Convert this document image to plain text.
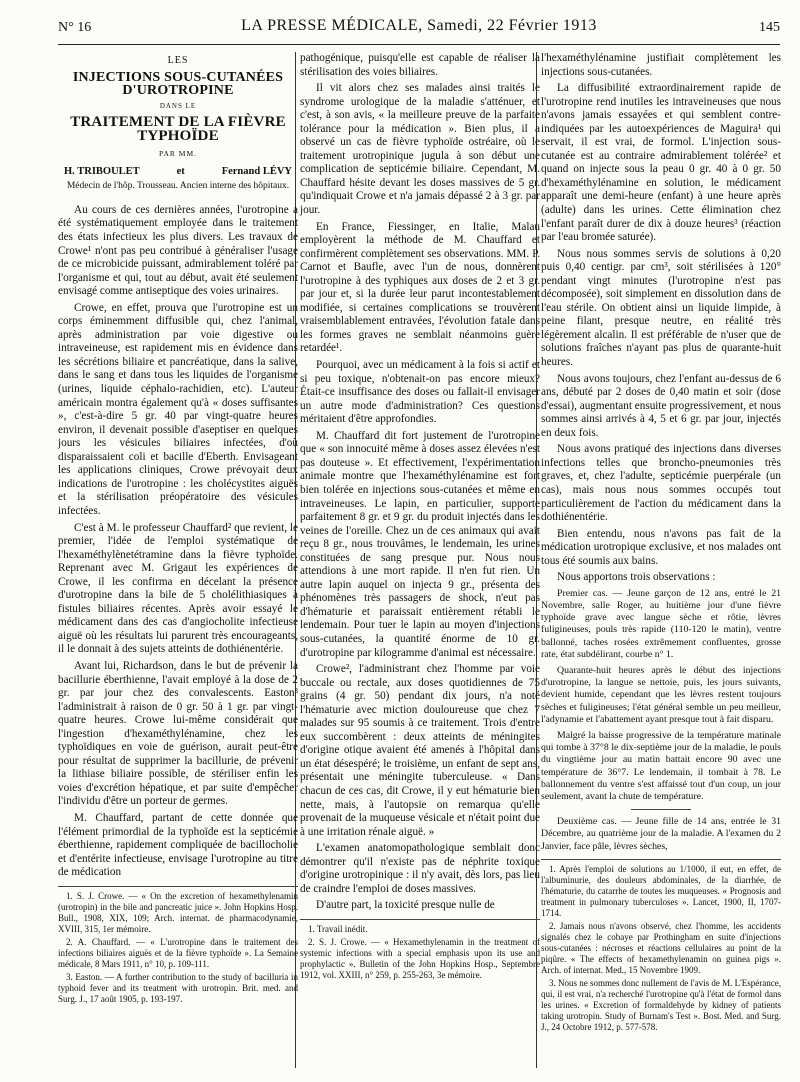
N° 16	LA PRESSE MÉDICALE, Samedi, 22 Février 1913	145
LES
INJECTIONS SOUS-CUTANÉES D'UROTROPINE
DANS LE
TRAITEMENT DE LA FIÈVRE TYPHOÏDE
PAR MM.
H. TRIBOULET	et	Fernand LÉVY
Médecin de l'hôp. Trousseau. Ancien interne des hôpitaux.

Au cours de ces dernières années, l'urotropine a été systématiquement employée dans le traitement des états infectieux les plus divers. Les travaux de Crowe¹ n'ont pas peu contribué à généraliser l'usage de ce microbicide puissant, admirablement toléré par l'organisme et qui, tout au début, avait été seulement envisagé comme antiseptique des voies urinaires.

Crowe, en effet, prouva que l'urotropine est un corps éminemment diffusible qui, chez l'animal, après administration par voie digestive ou intraveineuse, est rapidement mis en évidence dans les sécrétions biliaire et pancréatique, dans la salive, dans le sang et dans tous les liquides de l'organisme (urines, liquide céphalo-rachidien, etc). L'auteur américain montra également qu'à « doses suffisantes », c'est-à-dire 5 gr. 40 par vingt-quatre heures environ, il devenait possible d'aseptiser en quelques jours les vésicules biliaires infectées, d'où disparaissaient coli et bacille d'Eberth. Envisageant les applications cliniques, Crowe prévoyait deux indications de l'urotropine : les cholécystites aiguës et la stérilisation préopératoire des vésicules infectées.

C'est à M. le professeur Chauffard² que revient, le premier, l'idée de l'emploi systématique de l'hexaméthylènetétramine dans la fièvre typhoïde. Reprenant avec M. Grigaut les expériences de Crowe, il les confirma en décelant la présence d'urotropine dans la bile de 5 cholélithiasiques à fistules biliaires récentes. Après avoir essayé le médicament dans des cas d'angiocholite infectieuse aiguë où les résultats lui parurent très encourageants, il le donnait à des sujets atteints de dothiénentérie.

Avant lui, Richardson, dans le but de prévenir la bacillurie éberthienne, l'avait employé à la dose de 2 gr. par jour chez des convalescents. Easton³ l'administrait à raison de 0 gr. 50 à 1 gr. par vingt-quatre heures. Crowe lui-même considérait que l'ingestion d'hexaméthylénamine, chez les typhoïdiques en voie de guérison, aurait peut-être pour résultat de supprimer la bacillurie, de prévenir la lithiase biliaire possible, de stériliser enfin les voies d'excrétion hépatique, et par suite d'empêcher l'individu d'être un porteur de germes.

M. Chauffard, partant de cette donnée que l'élément primordial de la typhoïde est la septicémie éberthienne, rapidement compliquée de bacillocholie et d'entérite infectieuse, envisage l'urotropine au titre de médication

1. S. J. Crowe. — « On the excretion of hexamethylenamin (urotropin) in the bile and pancreatic juice ». John Hopkins Hosp. Bull., 1908, XIX, 109; Arch. internat. de pharmacodynamie, XVIII, 315, 1er mémoire.

2. A. Chauffard. — « L'urotropine dans le traitement des infections biliaires aiguës et de la fièvre typhoïde ». La Semaine médicale, 8 Mars 1911, n° 10, p. 109-111.

3. Easton. — A further contribution to the study of bacilluria in typhoid fever and its treatment with urotropin. Brit. med. and Surg. J., 17 août 1905, p. 193-197.

pathogénique, puisqu'elle est capable de réaliser la stérilisation des voies biliaires.

Il vit alors chez ses malades ainsi traités le syndrome urologique de la maladie s'atténuer, et c'est, à son avis, « la meilleure preuve de la parfaite tolérance pour la médication ». Bien plus, il a observé un cas de fièvre typhoïde ostréaire, où le traitement urotropinique jugula à son début une complication de septicémie biliaire. Cependant, M. Chauffard hésite devant les doses massives de 5 gr. qu'indiquait Crowe et n'a jamais dépassé 2 à 3 gr. par jour.

En France, Fiessinger, en Italie, Malau employèrent la méthode de M. Chauffard et confirmèrent complètement ses observations. MM. P. Carnot et Baufle, avec l'un de nous, donnèrent l'urotropine à des typhiques aux doses de 2 et 3 gr. par jour et, si la durée leur parut incontestablement modifiée, si certaines complications se trouvèrent vraisemblablement entravées, l'évolution fatale dans les formes graves ne semblait néanmoins guère retardée¹.

Pourquoi, avec un médicament à la fois si actif et si peu toxique, n'obtenait-on pas encore mieux? Était-ce insuffisance des doses ou fallait-il envisager un autre mode d'administration? Ces questions méritaient d'être approfondies.

M. Chauffard dit fort justement de l'urotropine que « son innocuité même à doses assez élevées n'est pas douteuse ». Et effectivement, l'expérimentation animale montre que l'hexaméthylénamine est fort bien tolérée en injections sous-cutanées et même en intraveineuses. Le lapin, en particulier, supporte parfaitement 8 gr. et 9 gr. du produit injectés dans les veines de l'oreille. Chez un de ces animaux qui avait reçu 8 gr., nous trouvâmes, le lendemain, les urines constituées de sang presque pur. Nous nous attendions à une mort rapide. Il n'en fut rien. Un autre lapin auquel on injecta 9 gr., présenta des phénomènes très passagers de shock, n'eut pas d'hématurie et paraissait entièrement rétabli le lendemain. Pour tuer le lapin au moyen d'injections sous-cutanées, la quantité énorme de 10 gr. d'urotropine par kilogramme d'animal est nécessaire.

Crowe², l'administrant chez l'homme par voie buccale ou rectale, aux doses quotidiennes de 75 grains (4 gr. 50) pendant dix jours, n'a noté l'hématurie avec miction douloureuse que chez 7 malades sur 95 soumis à ce traitement. Trois d'entre eux succombèrent : deux atteints de méningites d'origine otique avaient été amenés à l'hôpital dans un état désespéré; le troisième, un enfant de sept ans, présentait une méningite tuberculeuse. « Dans chacun de ces cas, dit Crowe, il y eut hématurie bien nette, mais, à l'autopsie on remarqua qu'elle provenait de la muqueuse vésicale et n'était point due à une irritation rénale aiguë. »

L'examen anatomopathologique semblait donc démontrer qu'il n'existe pas de néphrite toxique d'origine urotropinique : il n'y avait, dès lors, pas lieu de craindre l'emploi de doses massives.

D'autre part, la toxicité presque nulle de

1. Travail inédit.

2. S. J. Crowe. — « Hexamethylenamin in the treatment of systemic infections with a special emphasis upon its use and prophylactic ». Bulletin of the John Hopkins Hosp., Septembre 1912, vol. XXIII, n° 259, p. 255-263, 3e mémoire.

l'hexaméthylénamine justifiait complètement les injections sous-cutanées.

La diffusibilité extraordinairement rapide de l'urotropine rend inutiles les intraveineuses que nous n'avons jamais essayées et qui semblent contre-indiquées par les autoexpériences de Maguira¹ qui servait, il est vrai, de formol. L'injection sous-cutanée est au contraire admirablement tolérée² et quand on injecte sous la peau 0 gr. 40 à 0 gr. 50 d'hexaméthylénamine en solution, le médicament apparaît une demi-heure (enfant) à une heure après (adulte) dans les urines. Cette élimination chez l'enfant paraît durer de dix à douze heures³ (réaction par l'eau bromée saturée).

Nous nous sommes servis de solutions à 0,20 puis 0,40 centigr. par cm³, soit stérilisées à 120° pendant vingt minutes (l'urotropine n'est pas décomposée), soit simplement en dissolution dans de l'eau stérile. On obtient ainsi un liquide limpide, à peine filant, presque neutre, en réalité très légèrement alcalin. Il est préférable de n'user que de solutions fraîches n'ayant pas plus de quarante-huit heures.

Nous avons toujours, chez l'enfant au-dessus de 6 ans, débuté par 2 doses de 0,40 matin et soir (dose d'essai), augmentant ensuite progressivement, et nous sommes ainsi arrivés à 4, 5 et 6 gr. par jour, injectés en deux fois.

Nous avons pratiqué des injections dans diverses infections telles que broncho-pneumonies très graves, et, chez l'adulte, septicémie puerpérale (un cas), mais nous nous sommes occupés tout particulièrement de l'action du médicament dans la dothiénentérie.

Bien entendu, nous n'avons pas fait de la médication urotropique exclusive, et nos malades ont tous été soumis aux bains.

Nous apportons trois observations :

Premier cas. — Jeune garçon de 12 ans, entré le 21 Novembre, salle Roger, au huitième jour d'une fièvre typhoïde grave avec langue sèche et rôtie, lèvres fuligineuses, pouls très rapide (110-120 le matin), ventre ballonné, taches rosées extrêmement confluentes, grosse rate, état subdélirant, courbe n° 1.

Quarante-huit heures après le début des injections d'urotropine, la langue se nettoie, puis, les jours suivants, devient humide, cependant que les lèvres restent toujours sèches et fuligineuses; l'état général semble un peu meilleur, l'adynamie et l'abattement ayant presque tout à fait disparu.

Malgré la baisse progressive de la température matinale qui tombe à 37°8 le dix-septième jour de la maladie, le pouls du vingtième jour au matin battait encore 90 avec une température de 36°7. Le lendemain, il tombait à 78. Le ballonnement du ventre s'est affaissé tout d'un coup, un jour seulement, avant la chute de température.

Deuxième cas. — Jeune fille de 14 ans, entrée le 31 Décembre, au quatrième jour de la maladie. A l'examen du 2 Janvier, face pâle, lèvres sèches,

1. Après l'emploi de solutions au 1/1000, il eut, en effet, de l'albuminurie, des douleurs abdominales, de la diarrhée, de l'hématurie, du catarrhe de toutes les muqueuses. « Prognosis and treatment in pulmonary tuberculoses ». Lancet, 1900, II, 1707-1714.

2. Jamais nous n'avons observé, chez l'homme, les accidents signalés chez le cobaye par Prothingham en suite d'injections sous-cutanées : nécroses et réactions cellulaires au point de la piqûre. « The effects of hexamethylenamin on guinea pigs ». Arch. of internat. Med., 15 Novembre 1909.

3. Nous ne sommes donc nullement de l'avis de M. L'Espérance, qui, il est vrai, n'a recherché l'urotropine qu'à l'état de formol dans les urines. « Excretion of formaldehyde by kidney of patients taking urotropin. Study of Burnam's Test ». Bost. Med. and Surg. J., 24 Octobre 1912, p. 577-578.
